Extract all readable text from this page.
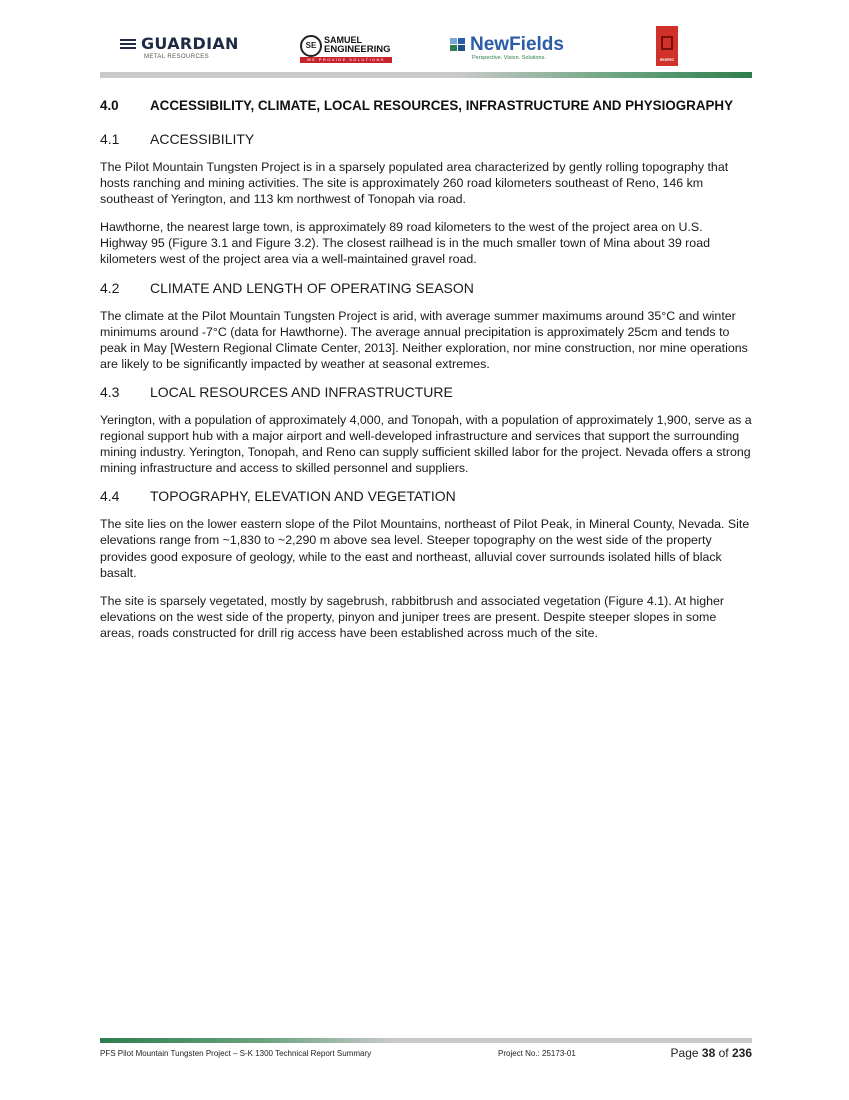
GUARDIAN
METAL RESOURCES
SE
SAMUEL
ENGINEERING
WE PROVIDE SOLUTIONS
NewFields
Perspective. Vision. Solutions.	RESPEC
4.0 ACCESSIBILITY, CLIMATE, LOCAL RESOURCES, INFRASTRUCTURE AND PHYSIOGRAPHY
4.1 ACCESSIBILITY

The Pilot Mountain Tungsten Project is in a sparsely populated area characterized by gently rolling topography that hosts ranching and mining activities. The site is approximately 260 road kilometers southeast of Reno, 146 km southeast of Yerington, and 113 km northwest of Tonopah via road.

Hawthorne, the nearest large town, is approximately 89 road kilometers to the west of the project area on U.S. Highway 95 (Figure 3.1 and Figure 3.2). The closest railhead is in the much smaller town of Mina about 39 road kilometers west of the project area via a well-maintained gravel road.

4.2 CLIMATE AND LENGTH OF OPERATING SEASON

The climate at the Pilot Mountain Tungsten Project is arid, with average summer maximums around 35°C and winter minimums around -7°C (data for Hawthorne). The average annual precipitation is approximately 25cm and tends to peak in May [Western Regional Climate Center, 2013]. Neither exploration, nor mine construction, nor mine operations are likely to be significantly impacted by weather at seasonal extremes.

4.3 LOCAL RESOURCES AND INFRASTRUCTURE

Yerington, with a population of approximately 4,000, and Tonopah, with a population of approximately 1,900, serve as a regional support hub with a major airport and well-developed infrastructure and services that support the surrounding mining industry. Yerington, Tonopah, and Reno can supply sufficient skilled labor for the project. Nevada offers a strong mining infrastructure and access to skilled personnel and suppliers.

4.4 TOPOGRAPHY, ELEVATION AND VEGETATION

The site lies on the lower eastern slope of the Pilot Mountains, northeast of Pilot Peak, in Mineral County, Nevada. Site elevations range from ~1,830 to ~2,290 m above sea level. Steeper topography on the west side of the property provides good exposure of geology, while to the east and northeast, alluvial cover surrounds isolated hills of black basalt.

The site is sparsely vegetated, mostly by sagebrush, rabbitbrush and associated vegetation (Figure 4.1). At higher elevations on the west side of the property, pinyon and juniper trees are present. Despite steeper slopes in some areas, roads constructed for drill rig access have been established across much of the site.

PFS Pilot Mountain Tungsten Project – S-K 1300 Technical Report Summary	Project No.: 25173-01	Page 38 of 236
